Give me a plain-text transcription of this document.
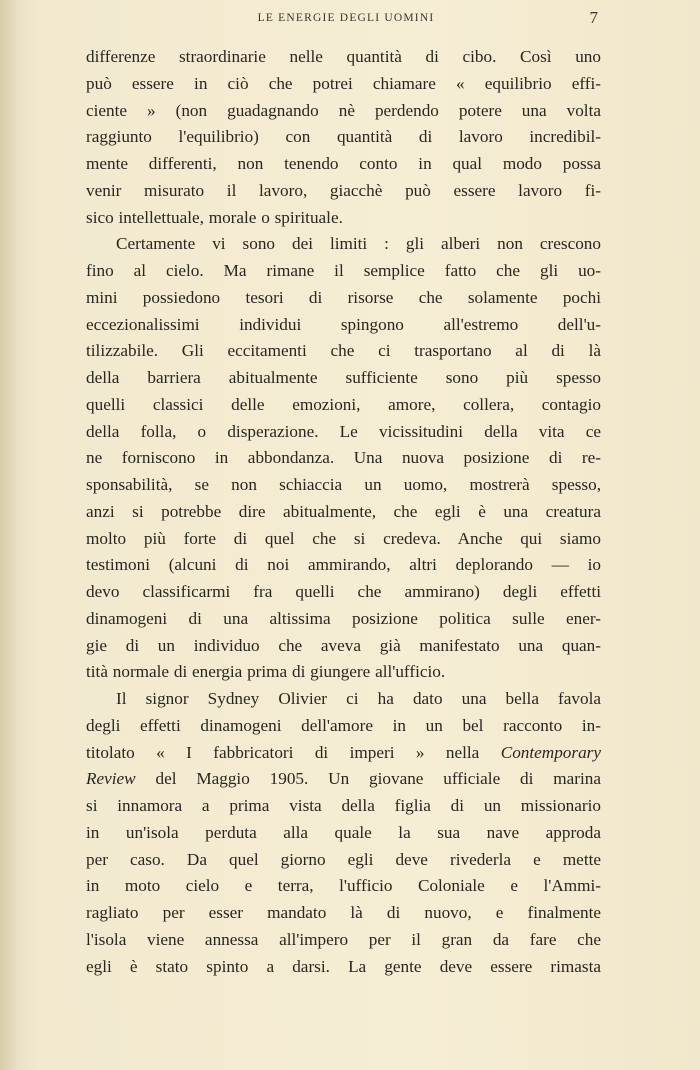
LE ENERGIE DEGLI UOMINI	7
differenze straordinarie nelle quantità di cibo. Così uno
può essere in ciò che potrei chiamare « equilibrio effi-
ciente » (non guadagnando nè perdendo potere una volta
raggiunto l'equilibrio) con quantità di lavoro incredibil-
mente differenti, non tenendo conto in qual modo possa
venir misurato il lavoro, giacchè può essere lavoro fi-
sico intellettuale, morale o spirituale.
Certamente vi sono dei limiti : gli alberi non crescono
fino al cielo. Ma rimane il semplice fatto che gli uo-
mini possiedono tesori di risorse che solamente pochi
eccezionalissimi individui spingono all'estremo dell'u-
tilizzabile. Gli eccitamenti che ci trasportano al di là
della barriera abitualmente sufficiente sono più spesso
quelli classici delle emozioni, amore, collera, contagio
della folla, o disperazione. Le vicissitudini della vita ce
ne forniscono in abbondanza. Una nuova posizione di re-
sponsabilità, se non schiaccia un uomo, mostrerà spesso,
anzi si potrebbe dire abitualmente, che egli è una creatura
molto più forte di quel che si credeva. Anche qui siamo
testimoni (alcuni di noi ammirando, altri deplorando — io
devo classificarmi fra quelli che ammirano) degli effetti
dinamogeni di una altissima posizione politica sulle ener-
gie di un individuo che aveva già manifestato una quan-
tità normale di energia prima di giungere all'ufficio.
Il signor Sydney Olivier ci ha dato una bella favola
degli effetti dinamogeni dell'amore in un bel racconto in-
titolato « I fabbricatori di imperi » nella Contemporary
Review del Maggio 1905. Un giovane ufficiale di marina
si innamora a prima vista della figlia di un missionario
in un'isola perduta alla quale la sua nave approda
per caso. Da quel giorno egli deve rivederla e mette
in moto cielo e terra, l'ufficio Coloniale e l'Ammi-
ragliato per esser mandato là di nuovo, e finalmente
l'isola viene annessa all'impero per il gran da fare che
egli è stato spinto a darsi. La gente deve essere rimasta
